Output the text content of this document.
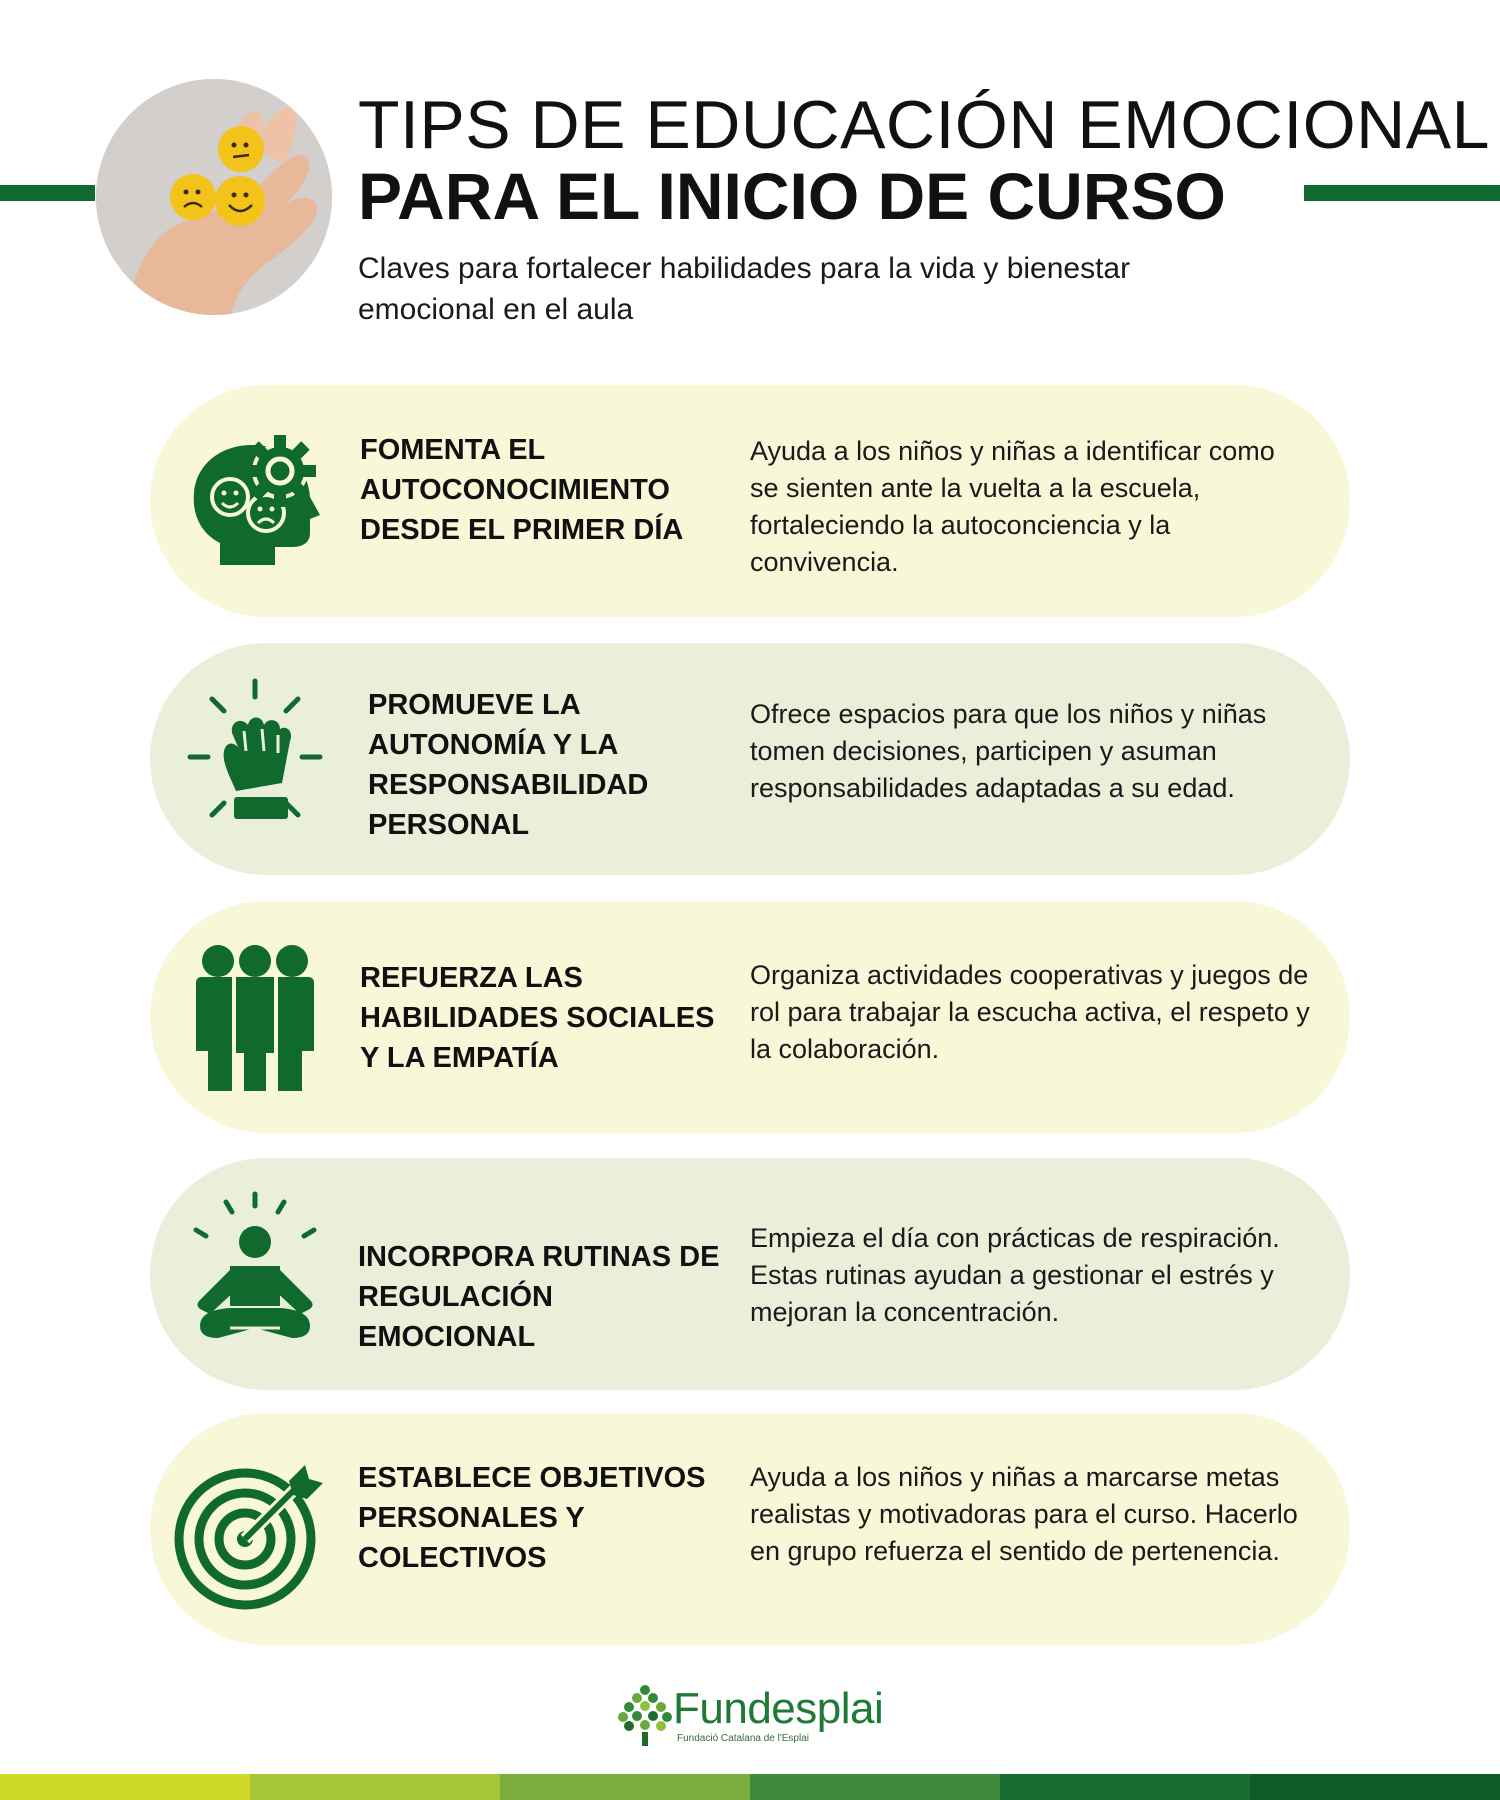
TIPS DE EDUCACIÓN EMOCIONAL
PARA EL INICIO DE CURSO
Claves para fortalecer habilidades para la vida y bienestar emocional en el aula
FOMENTA EL AUTOCONOCIMIENTO DESDE EL PRIMER DÍA
Ayuda a los niños y niñas a identificar como se sienten ante la vuelta a la escuela, fortaleciendo la autoconciencia y la convivencia.
PROMUEVE LA AUTONOMÍA Y LA RESPONSABILIDAD PERSONAL
Ofrece espacios para que los niños y niñas tomen decisiones, participen y asuman responsabilidades adaptadas a su edad.
REFUERZA LAS HABILIDADES SOCIALES Y LA EMPATÍA
Organiza actividades cooperativas y juegos de rol para trabajar la escucha activa, el respeto y la colaboración.
INCORPORA RUTINAS DE REGULACIÓN EMOCIONAL
Empieza el día con prácticas de respiración. Estas rutinas ayudan a gestionar el estrés y mejoran la concentración.
ESTABLECE OBJETIVOS PERSONALES Y COLECTIVOS
Ayuda a los niños y niñas a marcarse metas realistas y motivadoras para el curso. Hacerlo en grupo refuerza el sentido de pertenencia.
Fundesplai
Fundació Catalana de l'Esplai
